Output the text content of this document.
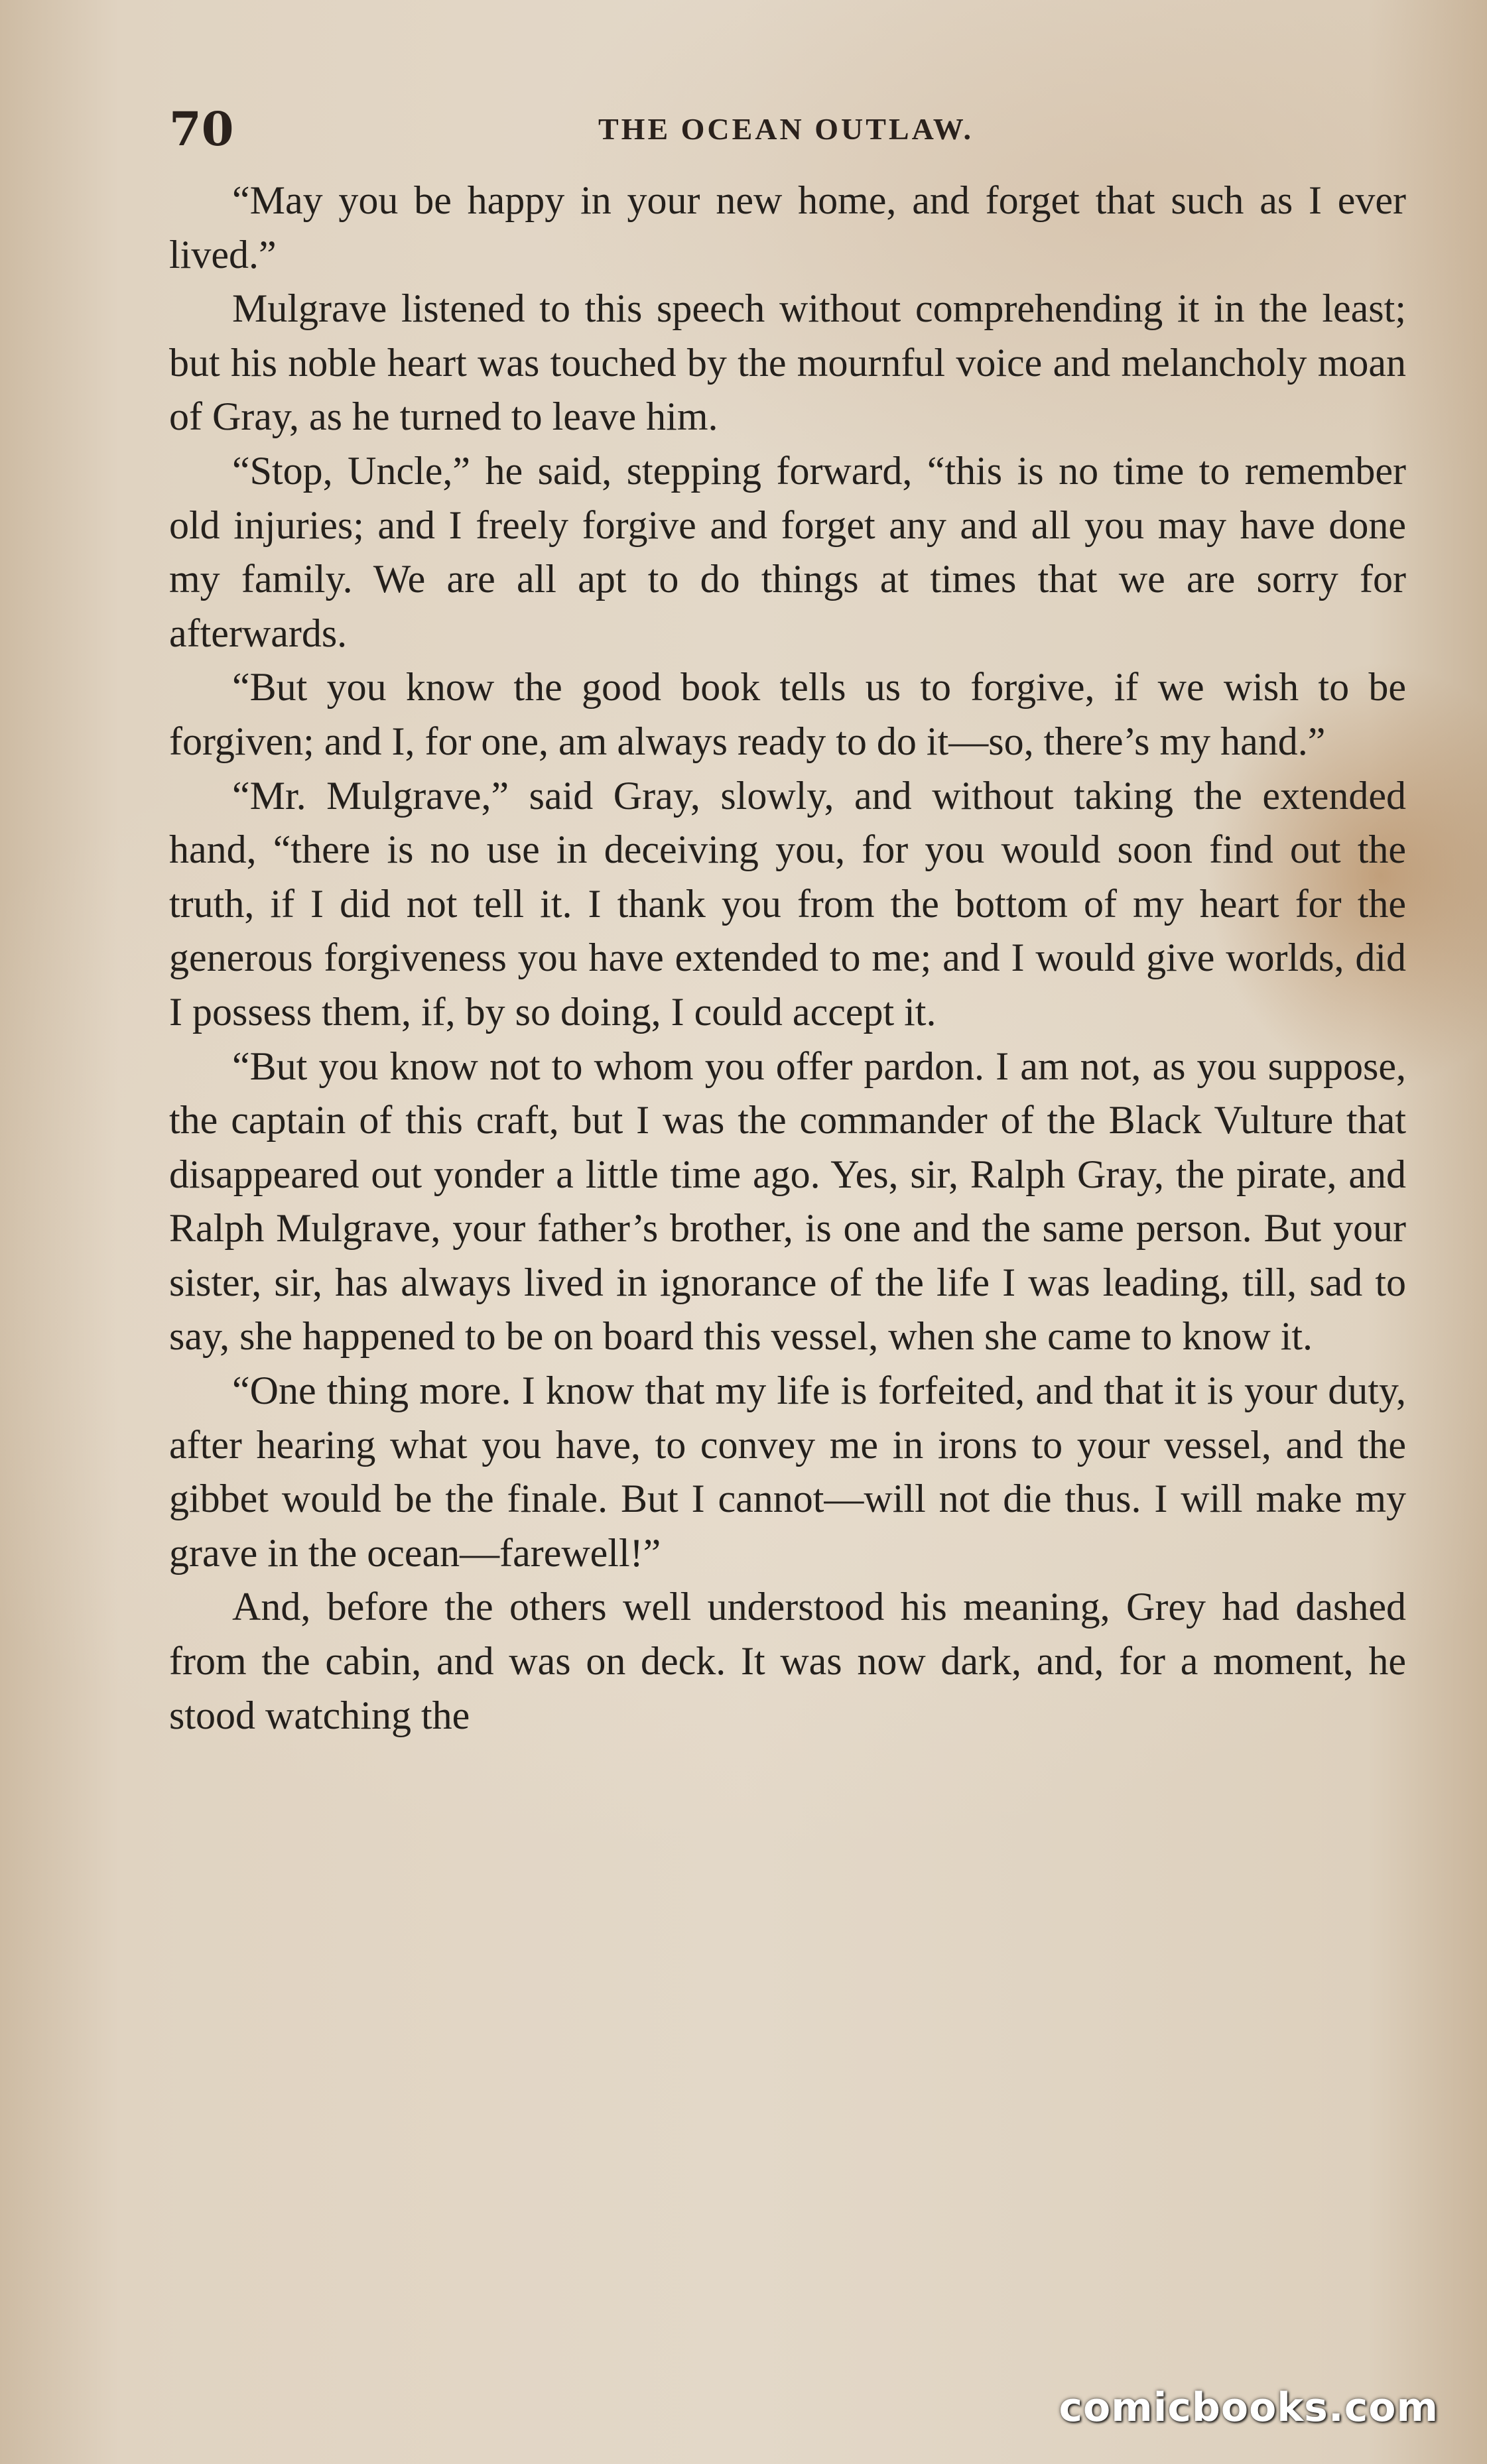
70	THE OCEAN OUTLAW.

“May you be happy in your new home, and forget that such as I ever lived.”

Mulgrave listened to this speech without comprehending it in the least; but his noble heart was touched by the mournful voice and melancholy moan of Gray, as he turned to leave him.

“Stop, Uncle,” he said, stepping forward, “this is no time to remember old injuries; and I freely forgive and forget any and all you may have done my family. We are all apt to do things at times that we are sorry for afterwards.

“But you know the good book tells us to forgive, if we wish to be forgiven; and I, for one, am always ready to do it—so, there’s my hand.”

“Mr. Mulgrave,” said Gray, slowly, and without taking the extended hand, “there is no use in deceiving you, for you would soon find out the truth, if I did not tell it. I thank you from the bottom of my heart for the generous forgiveness you have extended to me; and I would give worlds, did I possess them, if, by so doing, I could accept it.

“But you know not to whom you offer pardon. I am not, as you suppose, the captain of this craft, but I was the commander of the Black Vulture that disappeared out yonder a little time ago. Yes, sir, Ralph Gray, the pirate, and Ralph Mulgrave, your father’s brother, is one and the same person. But your sister, sir, has always lived in ignorance of the life I was leading, till, sad to say, she happened to be on board this vessel, when she came to know it.

“One thing more. I know that my life is forfeited, and that it is your duty, after hearing what you have, to convey me in irons to your vessel, and the gibbet would be the finale. But I cannot—will not die thus. I will make my grave in the ocean—farewell!”

And, before the others well understood his meaning, Grey had dashed from the cabin, and was on deck. It was now dark, and, for a moment, he stood watching the

comicbooks.com
